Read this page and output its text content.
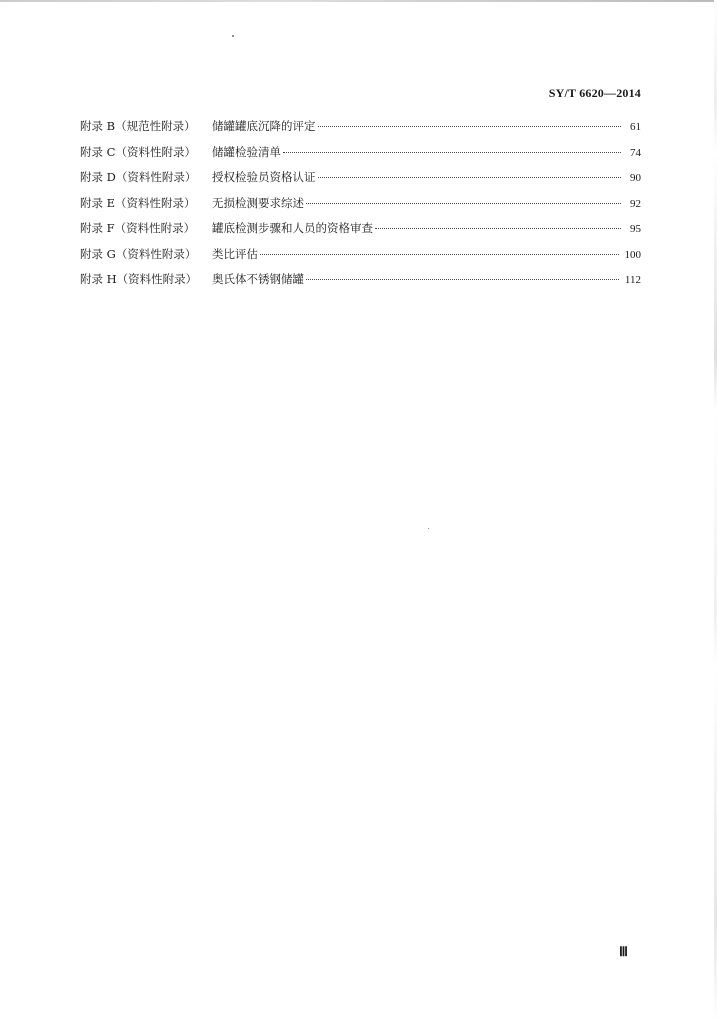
SY/T 6620—2014
附录 B（规范性附录）	储罐罐底沉降的评定	61
附录 C（资料性附录）	储罐检验清单	74
附录 D（资料性附录）	授权检验员资格认证	90
附录 E（资料性附录）	无损检测要求综述	92
附录 F（资料性附录）	罐底检测步骤和人员的资格审查	95
附录 G（资料性附录）	类比评估	100
附录 H（资料性附录）	奥氏体不锈钢储罐	112
Ⅲ
